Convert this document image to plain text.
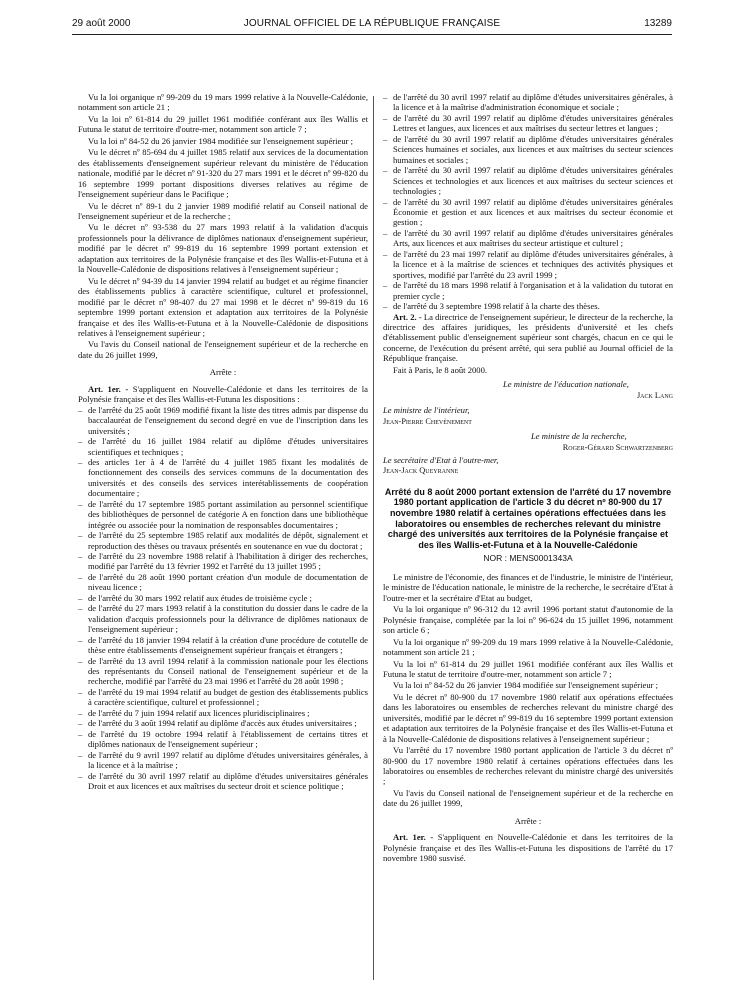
29 août 2000	JOURNAL OFFICIEL DE LA RÉPUBLIQUE FRANÇAISE	13289

Vu la loi organique nº 99-209 du 19 mars 1999 relative à la Nouvelle-Calédonie, notamment son article 21 ;

Vu la loi nº 61-814 du 29 juillet 1961 modifiée conférant aux îles Wallis et Futuna le statut de territoire d'outre-mer, notamment son article 7 ;

Vu la loi nº 84-52 du 26 janvier 1984 modifiée sur l'enseignement supérieur ;

Vu le décret nº 85-694 du 4 juillet 1985 relatif aux services de la documentation des établissements d'enseignement supérieur relevant du ministère de l'éducation nationale, modifié par le décret nº 91-320 du 27 mars 1991 et le décret nº 99-820 du 16 septembre 1999 portant dispositions diverses relatives au régime de l'enseignement supérieur dans le Pacifique ;

Vu le décret nº 89-1 du 2 janvier 1989 modifié relatif au Conseil national de l'enseignement supérieur et de la recherche ;

Vu le décret nº 93-538 du 27 mars 1993 relatif à la validation d'acquis professionnels pour la délivrance de diplômes nationaux d'enseignement supérieur, modifié par le décret nº 99-819 du 16 septembre 1999 portant extension et adaptation aux territoires de la Polynésie française et des îles Wallis-et-Futuna et à la Nouvelle-Calédonie de dispositions relatives à l'enseignement supérieur ;

Vu le décret nº 94-39 du 14 janvier 1994 relatif au budget et au régime financier des établissements publics à caractère scientifique, culturel et professionnel, modifié par le décret nº 98-407 du 27 mai 1998 et le décret nº 99-819 du 16 septembre 1999 portant extension et adaptation aux territoires de la Polynésie française et des îles Wallis-et-Futuna et à la Nouvelle-Calédonie de dispositions relatives à l'enseignement supérieur ;

Vu l'avis du Conseil national de l'enseignement supérieur et de la recherche en date du 26 juillet 1999,

Arrête :

Art. 1er. - S'appliquent en Nouvelle-Calédonie et dans les territoires de la Polynésie française et des îles Wallis-et-Futuna les dispositions :

– de l'arrêté du 25 août 1969 modifié fixant la liste des titres admis par dispense du baccalauréat de l'enseignement du second degré en vue de l'inscription dans les universités ;
– de l'arrêté du 16 juillet 1984 relatif au diplôme d'études universitaires scientifiques et techniques ;
– des articles 1er à 4 de l'arrêté du 4 juillet 1985 fixant les modalités de fonctionnement des conseils des services communs de la documentation des universités et des conseils des services interétablissements de coopération documentaire ;
– de l'arrêté du 17 septembre 1985 portant assimilation au personnel scientifique des bibliothèques de personnel de catégorie A en fonction dans une bibliothèque intégrée ou associée pour la nomination de responsables documentaires ;
– de l'arrêté du 25 septembre 1985 relatif aux modalités de dépôt, signalement et reproduction des thèses ou travaux présentés en soutenance en vue du doctorat ;
– de l'arrêté du 23 novembre 1988 relatif à l'habilitation à diriger des recherches, modifié par l'arrêté du 13 février 1992 et l'arrêté du 13 juillet 1995 ;
– de l'arrêté du 28 août 1990 portant création d'un module de documentation de niveau licence ;
– de l'arrêté du 30 mars 1992 relatif aux études de troisième cycle ;
– de l'arrêté du 27 mars 1993 relatif à la constitution du dossier dans le cadre de la validation d'acquis professionnels pour la délivrance de diplômes nationaux de l'enseignement supérieur ;
– de l'arrêté du 18 janvier 1994 relatif à la création d'une procédure de cotutelle de thèse entre établissements d'enseignement supérieur français et étrangers ;
– de l'arrêté du 13 avril 1994 relatif à la commission nationale pour les élections des représentants du Conseil national de l'enseignement supérieur et de la recherche, modifié par l'arrêté du 23 mai 1996 et l'arrêté du 28 août 1998 ;
– de l'arrêté du 19 mai 1994 relatif au budget de gestion des établissements publics à caractère scientifique, culturel et professionnel ;
– de l'arrêté du 7 juin 1994 relatif aux licences pluridisciplinaires ;
– de l'arrêté du 3 août 1994 relatif au diplôme d'accès aux études universitaires ;
– de l'arrêté du 19 octobre 1994 relatif à l'établissement de certains titres et diplômes nationaux de l'enseignement supérieur ;
– de l'arrêté du 9 avril 1997 relatif au diplôme d'études universitaires générales, à la licence et à la maîtrise ;
– de l'arrêté du 30 avril 1997 relatif au diplôme d'études universitaires générales Droit et aux licences et aux maîtrises du secteur droit et science politique ;
– de l'arrêté du 30 avril 1997 relatif au diplôme d'études universitaires générales, à la licence et à la maîtrise d'administration économique et sociale ;
– de l'arrêté du 30 avril 1997 relatif au diplôme d'études universitaires générales Lettres et langues, aux licences et aux maîtrises du secteur lettres et langues ;
– de l'arrêté du 30 avril 1997 relatif au diplôme d'études universitaires générales Sciences humaines et sociales, aux licences et aux maîtrises du secteur sciences humaines et sociales ;
– de l'arrêté du 30 avril 1997 relatif au diplôme d'études universitaires générales Sciences et technologies et aux licences et aux maîtrises du secteur sciences et technologies ;
– de l'arrêté du 30 avril 1997 relatif au diplôme d'études universitaires générales Économie et gestion et aux licences et aux maîtrises du secteur économie et gestion ;
– de l'arrêté du 30 avril 1997 relatif au diplôme d'études universitaires générales Arts, aux licences et aux maîtrises du secteur artistique et culturel ;
– de l'arrêté du 23 mai 1997 relatif au diplôme d'études universitaires générales, à la licence et à la maîtrise de sciences et techniques des activités physiques et sportives, modifié par l'arrêté du 23 avril 1999 ;
– de l'arrêté du 18 mars 1998 relatif à l'organisation et à la validation du tutorat en premier cycle ;
– de l'arrêté du 3 septembre 1998 relatif à la charte des thèses.

Art. 2. - La directrice de l'enseignement supérieur, le directeur de la recherche, la directrice des affaires juridiques, les présidents d'université et les chefs d'établissement public d'enseignement supérieur sont chargés, chacun en ce qui le concerne, de l'exécution du présent arrêté, qui sera publié au Journal officiel de la République française.

Fait à Paris, le 8 août 2000.

Le ministre de l'éducation nationale,

Jack Lang

Le ministre de l'intérieur,

Jean-Pierre Chevènement

Le ministre de la recherche,

Roger-Gérard Schwartzenberg

Le secrétaire d'Etat à l'outre-mer,

Jean-Jack Queyranne

Arrêté du 8 août 2000 portant extension de l'arrêté du 17 novembre 1980 portant application de l'article 3 du décret nº 80-900 du 17 novembre 1980 relatif à certaines opérations effectuées dans les laboratoires ou ensembles de recherches relevant du ministre chargé des universités aux territoires de la Polynésie française et des îles Wallis-et-Futuna et à la Nouvelle-Calédonie
NOR : MENS0001343A

Le ministre de l'économie, des finances et de l'industrie, le ministre de l'intérieur, le ministre de l'éducation nationale, le ministre de la recherche, le secrétaire d'Etat à l'outre-mer et la secrétaire d'Etat au budget,

Vu la loi organique nº 96-312 du 12 avril 1996 portant statut d'autonomie de la Polynésie française, complétée par la loi nº 96-624 du 15 juillet 1996, notamment son article 6 ;

Vu la loi organique nº 99-209 du 19 mars 1999 relative à la Nouvelle-Calédonie, notamment son article 21 ;

Vu la loi nº 61-814 du 29 juillet 1961 modifiée conférant aux îles Wallis et Futuna le statut de territoire d'outre-mer, notamment son article 7 ;

Vu la loi nº 84-52 du 26 janvier 1984 modifiée sur l'enseignement supérieur ;

Vu le décret nº 80-900 du 17 novembre 1980 relatif aux opérations effectuées dans les laboratoires ou ensembles de recherches relevant du ministre chargé des universités, modifié par le décret nº 99-819 du 16 septembre 1999 portant extension et adaptation aux territoires de la Polynésie française et des îles Wallis-et-Futuna et à la Nouvelle-Calédonie de dispositions relatives à l'enseignement supérieur ;

Vu l'arrêté du 17 novembre 1980 portant application de l'article 3 du décret nº 80-900 du 17 novembre 1980 relatif à certaines opérations effectuées dans les laboratoires ou ensembles de recherches relevant du ministre chargé des universités ;

Vu l'avis du Conseil national de l'enseignement supérieur et de la recherche en date du 26 juillet 1999,

Arrête :

Art. 1er. - S'appliquent en Nouvelle-Calédonie et dans les territoires de la Polynésie française et des îles Wallis-et-Futuna les dispositions de l'arrêté du 17 novembre 1980 susvisé.
